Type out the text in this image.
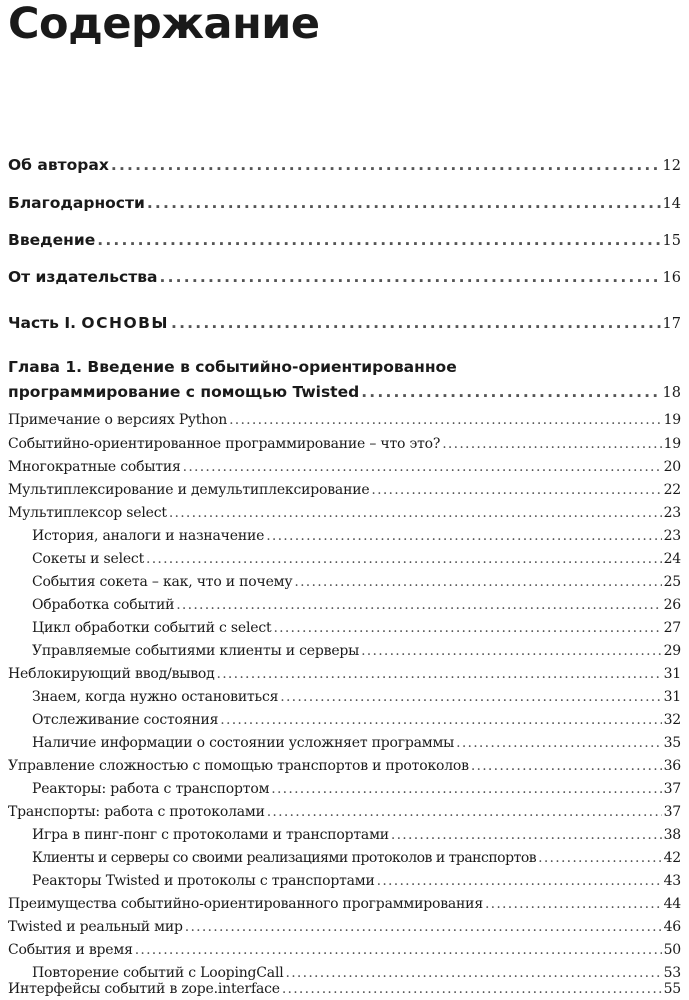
Содержание
Об авторах . . .	12
Благодарности . . .	14
Введение . . .	15
От издательства . . .	16
Часть I. ОСНОВЫ . . .	17
Глава 1. Введение в событийно-ориентированное
программирование с помощью Twisted . . .	18
Примечание о версиях Python . . .	19
Событийно-ориентированное программирование – что это? . . .	19
Многократные события . . .	20
Мультиплексирование и демультиплексирование . . .	22
Мультиплексор select . . .	23
История, аналоги и назначение . . .	23
Сокеты и select . . .	24
События сокета – как, что и почему . . .	25
Обработка событий . . .	26
Цикл обработки событий с select . . .	27
Управляемые событиями клиенты и серверы . . .	29
Неблокирующий ввод/вывод . . .	31
Знаем, когда нужно остановиться . . .	31
Отслеживание состояния . . .	32
Наличие информации о состоянии усложняет программы . . .	35
Управление сложностью с помощью транспортов и протоколов . . .	36
Реакторы: работа с транспортом . . .	37
Транспорты: работа с протоколами . . .	37
Игра в пинг-понг с протоколами и транспортами . . .	38
Клиенты и серверы со своими реализациями протоколов и транспортов . . .	42
Реакторы Twisted и протоколы с транспортами . . .	43
Преимущества событийно-ориентированного программирования . . .	44
Twisted и реальный мир . . .	46
События и время . . .	50
Повторение событий с LoopingCall . . .	53
Интерфейсы событий в zope.interface . . .	55
